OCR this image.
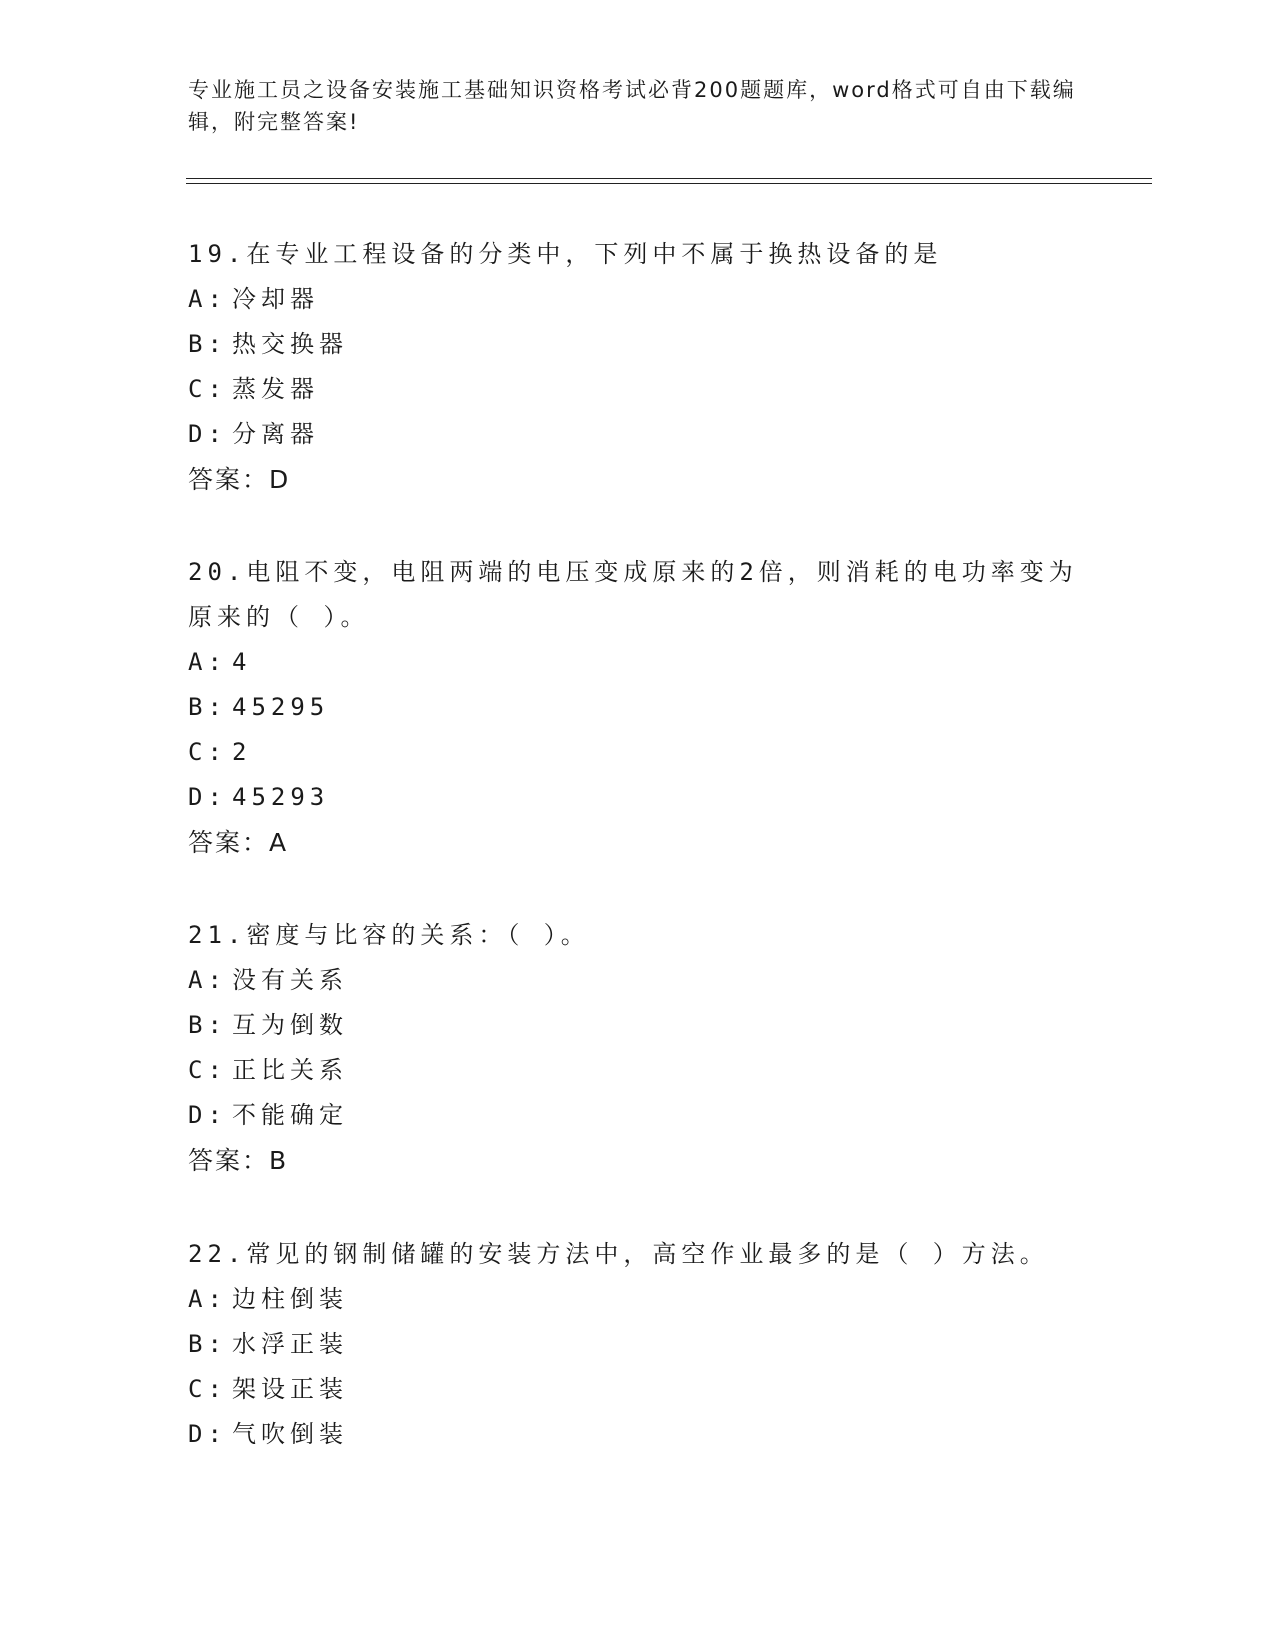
专业施工员之设备安装施工基础知识资格考试必背200题题库，word格式可自由下载编辑，附完整答案!

19.在专业工程设备的分类中，下列中不属于换热设备的是

A: 冷却器

B: 热交换器

C: 蒸发器

D: 分离器

答案：D

20.电阻不变，电阻两端的电压变成原来的2倍，则消耗的电功率变为原来的（ ）。

A: 4

B: 45295

C: 2

D: 45293

答案：A

21.密度与比容的关系：（ ）。

A: 没有关系

B: 互为倒数

C: 正比关系

D: 不能确定

答案：B

22.常见的钢制储罐的安装方法中，高空作业最多的是（ ）方法。

A: 边柱倒装

B: 水浮正装

C: 架设正装

D: 气吹倒装
